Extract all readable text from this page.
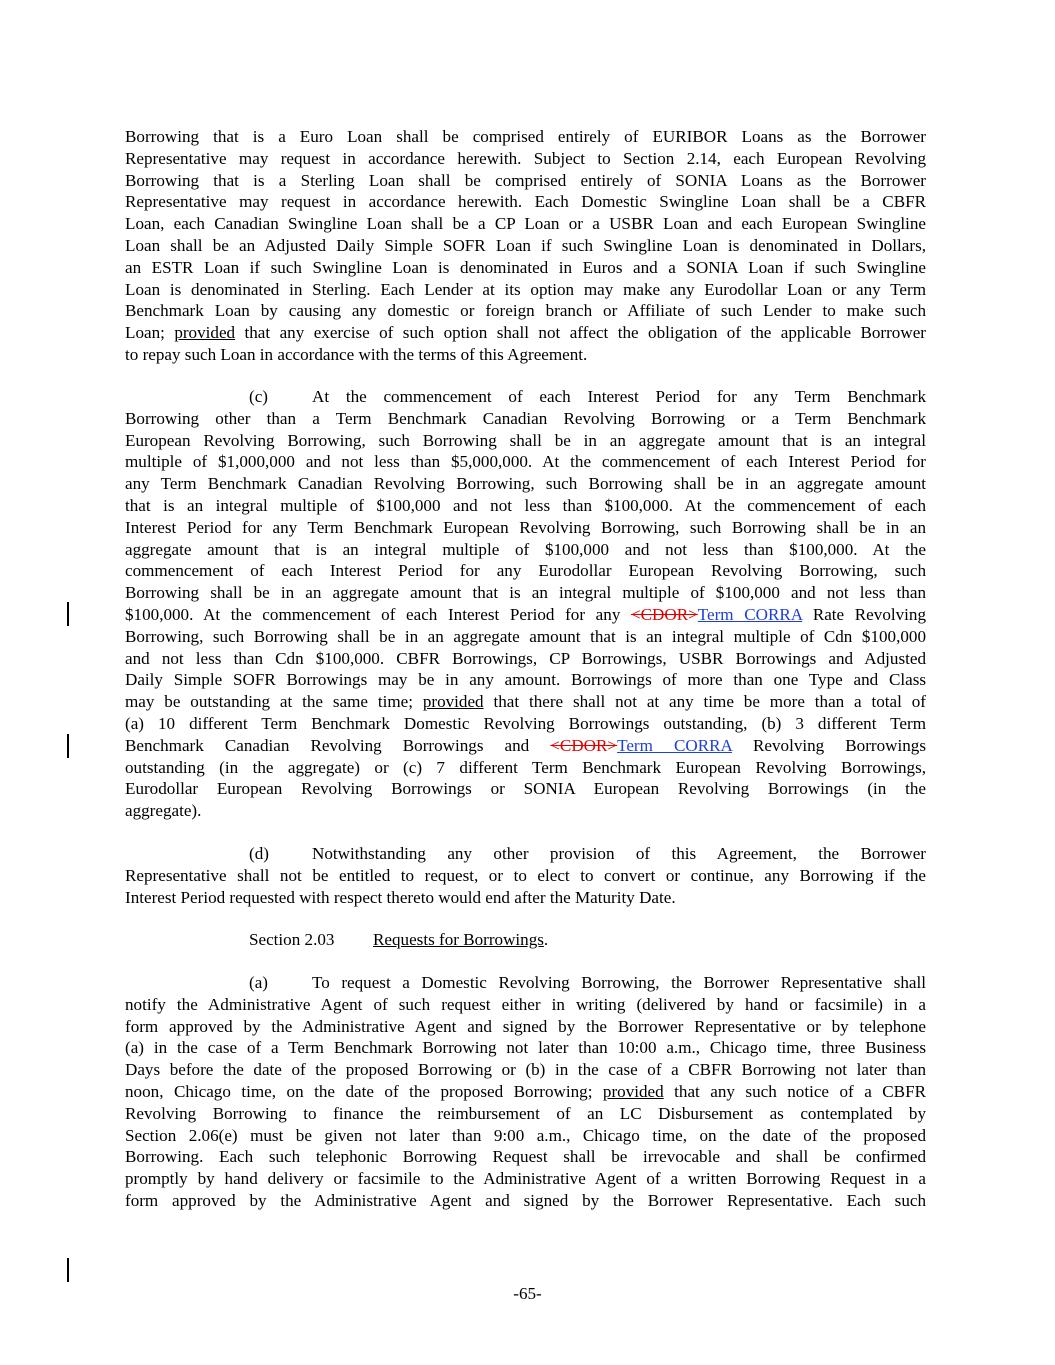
Borrowing that is a Euro Loan shall be comprised entirely of EURIBOR Loans as the Borrower
Representative may request in accordance herewith. Subject to Section 2.14, each European Revolving
Borrowing that is a Sterling Loan shall be comprised entirely of SONIA Loans as the Borrower
Representative may request in accordance herewith. Each Domestic Swingline Loan shall be a CBFR
Loan, each Canadian Swingline Loan shall be a CP Loan or a USBR Loan and each European Swingline
Loan shall be an Adjusted Daily Simple SOFR Loan if such Swingline Loan is denominated in Dollars,
an ESTR Loan if such Swingline Loan is denominated in Euros and a SONIA Loan if such Swingline
Loan is denominated in Sterling. Each Lender at its option may make any Eurodollar Loan or any Term
Benchmark Loan by causing any domestic or foreign branch or Affiliate of such Lender to make such
Loan; provided that any exercise of such option shall not affect the obligation of the applicable Borrower
to repay such Loan in accordance with the terms of this Agreement.
(c)	At the commencement of each Interest Period for any Term Benchmark
Borrowing other than a Term Benchmark Canadian Revolving Borrowing or a Term Benchmark
European Revolving Borrowing, such Borrowing shall be in an aggregate amount that is an integral
multiple of $1,000,000 and not less than $5,000,000. At the commencement of each Interest Period for
any Term Benchmark Canadian Revolving Borrowing, such Borrowing shall be in an aggregate amount
that is an integral multiple of $100,000 and not less than $100,000. At the commencement of each
Interest Period for any Term Benchmark European Revolving Borrowing, such Borrowing shall be in an
aggregate amount that is an integral multiple of $100,000 and not less than $100,000. At the
commencement of each Interest Period for any Eurodollar European Revolving Borrowing, such
Borrowing shall be in an aggregate amount that is an integral multiple of $100,000 and not less than
$100,000. At the commencement of each Interest Period for any <CDOR>Term CORRA Rate Revolving
Borrowing, such Borrowing shall be in an aggregate amount that is an integral multiple of Cdn $100,000
and not less than Cdn $100,000. CBFR Borrowings, CP Borrowings, USBR Borrowings and Adjusted
Daily Simple SOFR Borrowings may be in any amount. Borrowings of more than one Type and Class
may be outstanding at the same time; provided that there shall not at any time be more than a total of
(a) 10 different Term Benchmark Domestic Revolving Borrowings outstanding, (b) 3 different Term
Benchmark Canadian Revolving Borrowings and <CDOR>Term CORRA Revolving Borrowings
outstanding (in the aggregate) or (c) 7 different Term Benchmark European Revolving Borrowings,
Eurodollar European Revolving Borrowings or SONIA European Revolving Borrowings (in the
aggregate).
(d)	Notwithstanding any other provision of this Agreement, the Borrower
Representative shall not be entitled to request, or to elect to convert or continue, any Borrowing if the
Interest Period requested with respect thereto would end after the Maturity Date.
Section 2.03 Requests for Borrowings.
(a)	To request a Domestic Revolving Borrowing, the Borrower Representative shall
notify the Administrative Agent of such request either in writing (delivered by hand or facsimile) in a
form approved by the Administrative Agent and signed by the Borrower Representative or by telephone
(a) in the case of a Term Benchmark Borrowing not later than 10:00 a.m., Chicago time, three Business
Days before the date of the proposed Borrowing or (b) in the case of a CBFR Borrowing not later than
noon, Chicago time, on the date of the proposed Borrowing; provided that any such notice of a CBFR
Revolving Borrowing to finance the reimbursement of an LC Disbursement as contemplated by
Section 2.06(e) must be given not later than 9:00 a.m., Chicago time, on the date of the proposed
Borrowing. Each such telephonic Borrowing Request shall be irrevocable and shall be confirmed
promptly by hand delivery or facsimile to the Administrative Agent of a written Borrowing Request in a
form approved by the Administrative Agent and signed by the Borrower Representative. Each such
-65-
